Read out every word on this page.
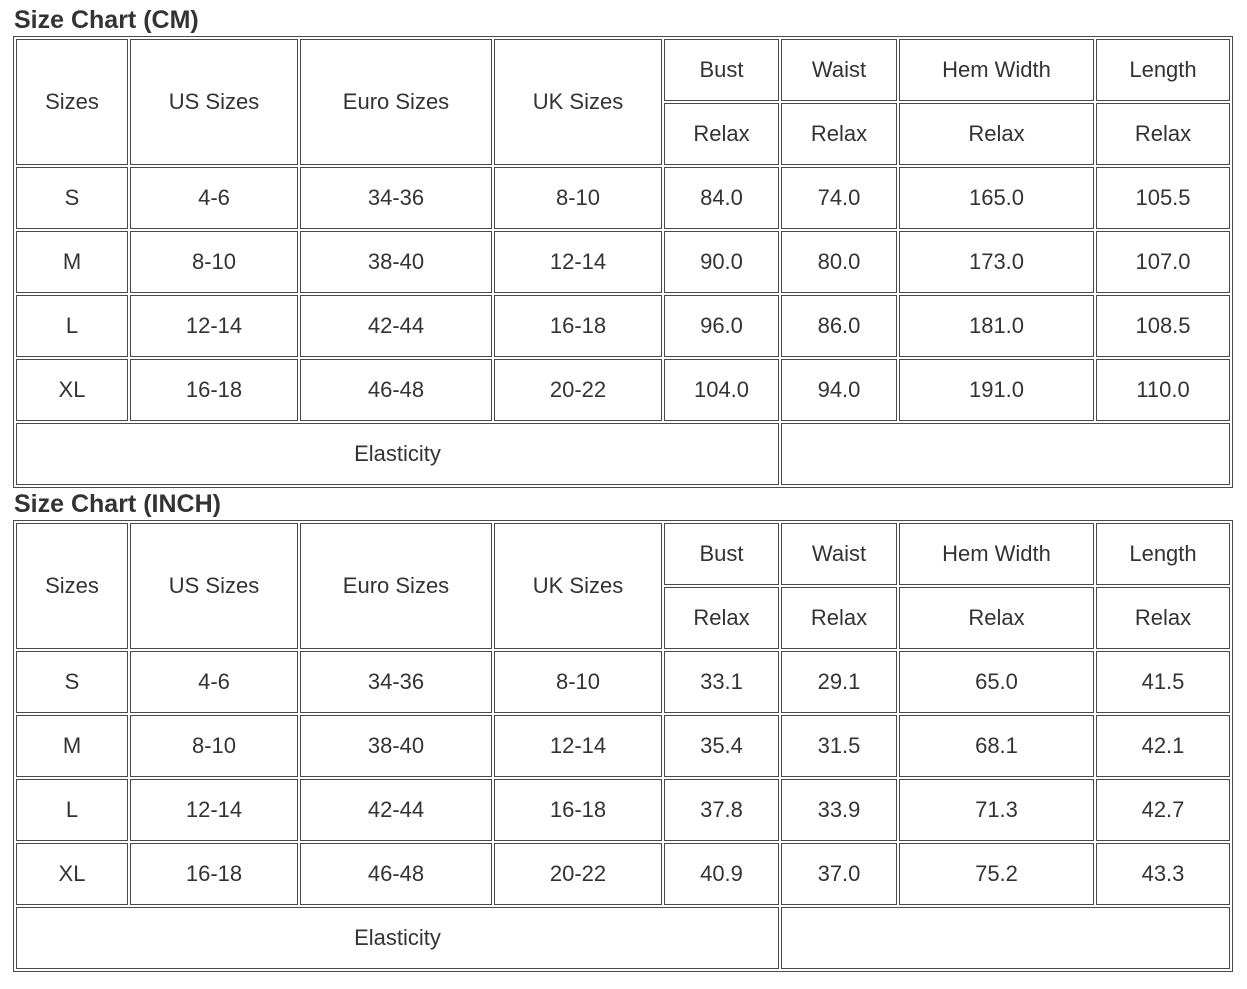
Size Chart (CM)
Sizes	US Sizes	Euro Sizes	UK Sizes	Bust	Waist	Hem Width	Length
				Relax	Relax	Relax	Relax
S	4-6	34-36	8-10	84.0	74.0	165.0	105.5
M	8-10	38-40	12-14	90.0	80.0	173.0	107.0
L	12-14	42-44	16-18	96.0	86.0	181.0	108.5
XL	16-18	46-48	20-22	104.0	94.0	191.0	110.0
Elasticity							
Size Chart (INCH)
Sizes	US Sizes	Euro Sizes	UK Sizes	Bust	Waist	Hem Width	Length
				Relax	Relax	Relax	Relax
S	4-6	34-36	8-10	33.1	29.1	65.0	41.5
M	8-10	38-40	12-14	35.4	31.5	68.1	42.1
L	12-14	42-44	16-18	37.8	33.9	71.3	42.7
XL	16-18	46-48	20-22	40.9	37.0	75.2	43.3
Elasticity							
